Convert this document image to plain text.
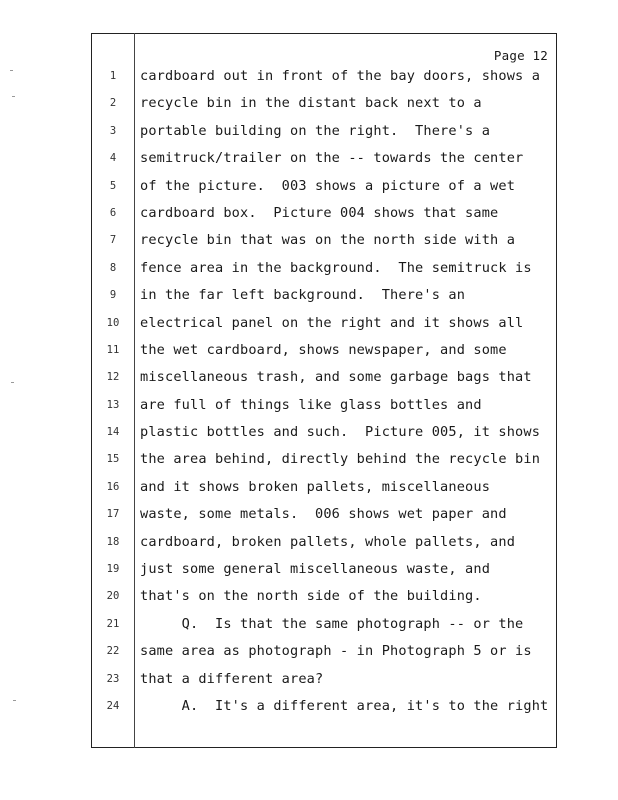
Page 12
1	cardboard out in front of the bay doors, shows a
2	recycle bin in the distant back next to a
3	portable building on the right.  There's a
4	semitruck/trailer on the -- towards the center
5	of the picture.  003 shows a picture of a wet
6	cardboard box.  Picture 004 shows that same
7	recycle bin that was on the north side with a
8	fence area in the background.  The semitruck is
9	in the far left background.  There's an
10	electrical panel on the right and it shows all
11	the wet cardboard, shows newspaper, and some
12	miscellaneous trash, and some garbage bags that
13	are full of things like glass bottles and
14	plastic bottles and such.  Picture 005, it shows
15	the area behind, directly behind the recycle bin
16	and it shows broken pallets, miscellaneous
17	waste, some metals.  006 shows wet paper and
18	cardboard, broken pallets, whole pallets, and
19	just some general miscellaneous waste, and
20	that's on the north side of the building.
21	Q.  Is that the same photograph -- or the
22	same area as photograph - in Photograph 5 or is
23	that a different area?
24	A.  It's a different area, it's to the right
